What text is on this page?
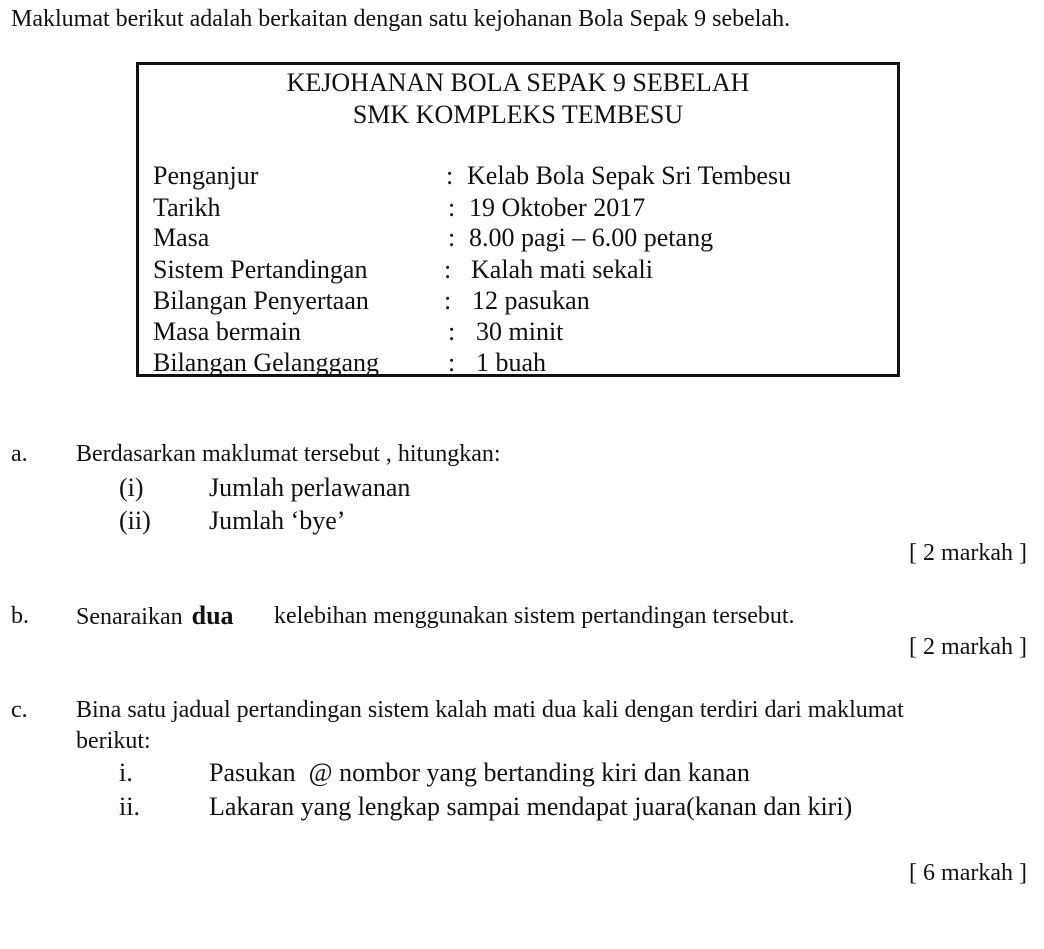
Maklumat berikut adalah berkaitan dengan satu kejohanan Bola Sepak 9 sebelah.
KEJOHANAN BOLA SEPAK 9 SEBELAH
SMK KOMPLEKS TEMBESU
Penganjur	: Kelab Bola Sepak Sri Tembesu
Tarikh	: 19 Oktober 2017
Masa	: 8.00 pagi – 6.00 petang
Sistem Pertandingan	: Kalah mati sekali
Bilangan Penyertaan	: 12 pasukan
Masa bermain	: 30 minit
Bilangan Gelanggang	: 1 buah
a. Berdasarkan maklumat tersebut , hitungkan:
(i)	Jumlah perlawanan
(ii) Jumlah ‘bye’
[ 2 markah ]
b. Senaraikan dua kelebihan menggunakan sistem pertandingan tersebut.
[ 2 markah ]
c. Bina satu jadual pertandingan sistem kalah mati dua kali dengan terdiri dari maklumat
berikut:
i.	Pasukan  @ nombor yang bertanding kiri dan kanan
ii.	Lakaran yang lengkap sampai mendapat juara(kanan dan kiri)
[ 6 markah ]
